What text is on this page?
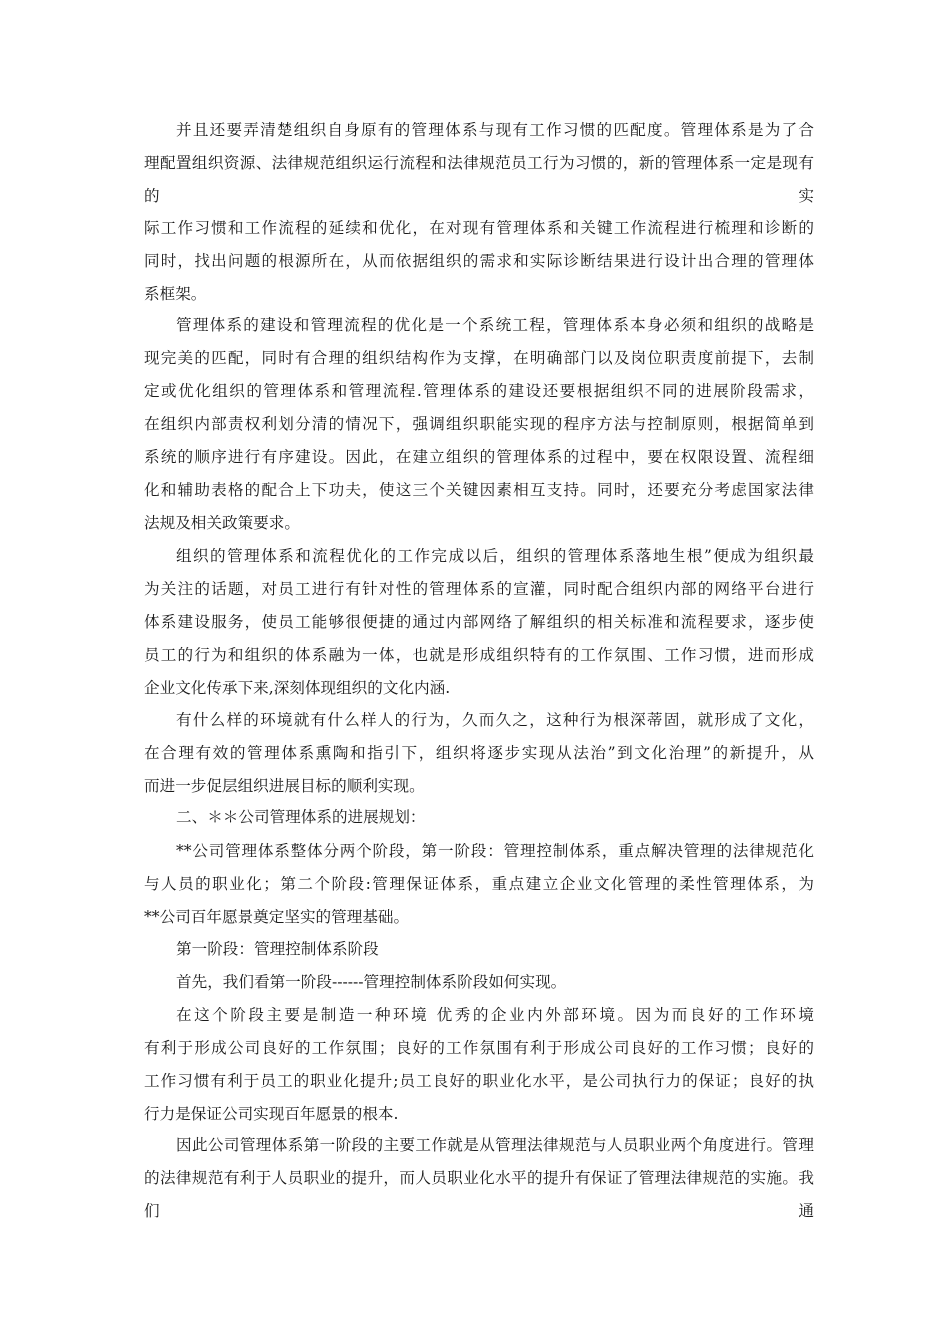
并且还要弄清楚组织自身原有的管理体系与现有工作习惯的匹配度。管理体系是为了合
理配置组织资源、法律规范组织运行流程和法律规范员工行为习惯的，新的管理体系一定是现有
的	实
际工作习惯和工作流程的延续和优化，在对现有管理体系和关键工作流程进行梳理和诊断的
同时，找出问题的根源所在，从而依据组织的需求和实际诊断结果进行设计出合理的管理体
系框架。
管理体系的建设和管理流程的优化是一个系统工程，管理体系本身必须和组织的战略是
现完美的匹配，同时有合理的组织结构作为支撑，在明确部门以及岗位职责度前提下，去制
定或优化组织的管理体系和管理流程.管理体系的建设还要根据组织不同的进展阶段需求，
在组织内部责权利划分清的情况下，强调组织职能实现的程序方法与控制原则，根据简单到
系统的顺序进行有序建设。因此，在建立组织的管理体系的过程中，要在权限设置、流程细
化和辅助表格的配合上下功夫，使这三个关键因素相互支持。同时，还要充分考虑国家法律
法规及相关政策要求。
组织的管理体系和流程优化的工作完成以后，组织的管理体系落地生根”便成为组织最
为关注的话题，对员工进行有针对性的管理体系的宣灌，同时配合组织内部的网络平台进行
体系建设服务，使员工能够很便捷的通过内部网络了解组织的相关标准和流程要求，逐步使
员工的行为和组织的体系融为一体，也就是形成组织特有的工作氛围、工作习惯，进而形成
企业文化传承下来,深刻体现组织的文化内涵.
有什么样的环境就有什么样人的行为，久而久之，这种行为根深蒂固，就形成了文化，
在合理有效的管理体系熏陶和指引下，组织将逐步实现从法治”到文化治理”的新提升，从
而进一步促层组织进展目标的顺利实现。
二、＊＊公司管理体系的进展规划：
**公司管理体系整体分两个阶段，第一阶段：管理控制体系，重点解决管理的法律规范化
与人员的职业化；第二个阶段:管理保证体系，重点建立企业文化管理的柔性管理体系，为
**公司百年愿景奠定坚实的管理基础。
第一阶段：管理控制体系阶段
首先，我们看第一阶段------管理控制体系阶段如何实现。
在这个阶段主要是制造一种环境 优秀的企业内外部环境。因为而良好的工作环境
有利于形成公司良好的工作氛围；良好的工作氛围有利于形成公司良好的工作习惯；良好的
工作习惯有利于员工的职业化提升;员工良好的职业化水平，是公司执行力的保证；良好的执
行力是保证公司实现百年愿景的根本.
因此公司管理体系第一阶段的主要工作就是从管理法律规范与人员职业两个角度进行。管理
的法律规范有利于人员职业的提升，而人员职业化水平的提升有保证了管理法律规范的实施。我
们	通
